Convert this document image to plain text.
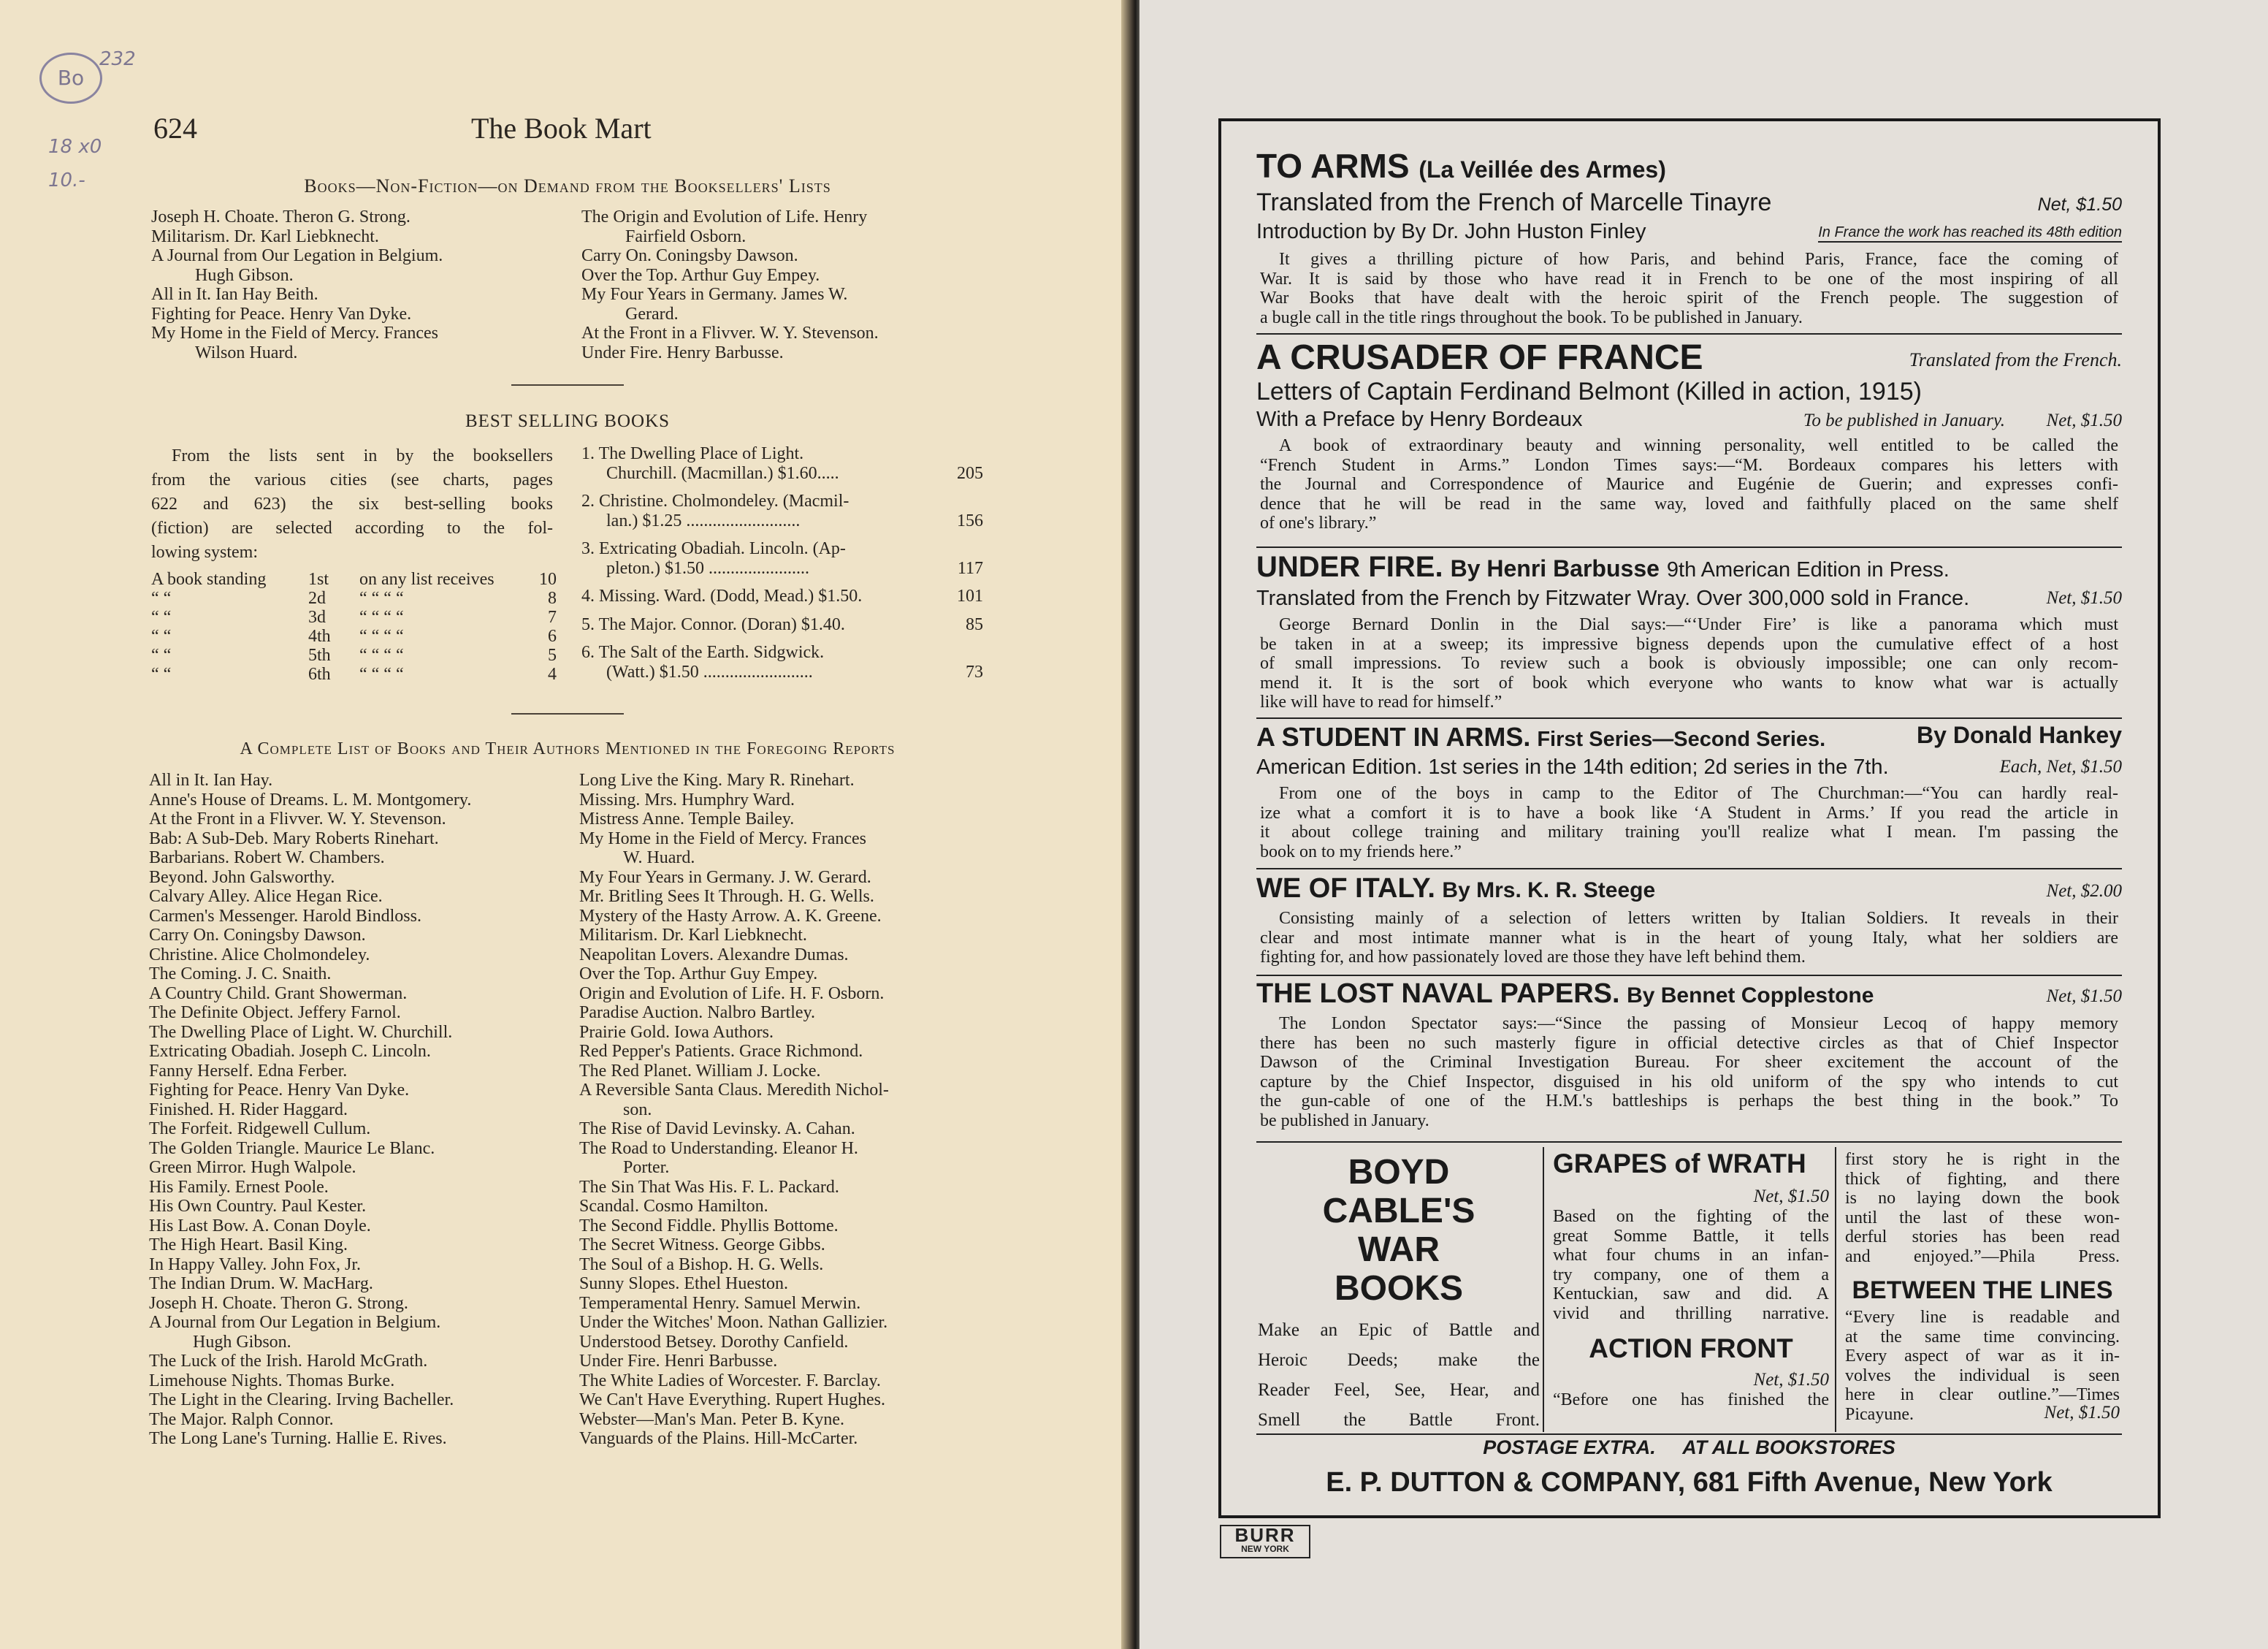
Bo
232
18 x0
10.-
624	The Book Mart
Books—Non-Fiction—on Demand from the Booksellers' Lists
Joseph H. Choate. Theron G. Strong.
Militarism. Dr. Karl Liebknecht.
A Journal from Our Legation in Belgium.
Hugh Gibson.
All in It. Ian Hay Beith.
Fighting for Peace. Henry Van Dyke.
My Home in the Field of Mercy. Frances
Wilson Huard.
The Origin and Evolution of Life. Henry
Fairfield Osborn.
Carry On. Coningsby Dawson.
Over the Top. Arthur Guy Empey.
My Four Years in Germany. James W.
Gerard.
At the Front in a Flivver. W. Y. Stevenson.
Under Fire. Henry Barbusse.
BEST SELLING BOOKS
From the lists sent in by the booksellers
from the various cities (see charts, pages
622 and 623) the six best-selling books
(fiction) are selected according to the fol-
lowing system:
A book standing	1st	on any list receives	10
“ “	2d	“ “ “ “	8
“ “	3d	“ “ “ “	7
“ “	4th	“ “ “ “	6
“ “	5th	“ “ “ “	5
“ “	6th	“ “ “ “	4
1. The Dwelling Place of Light.
Churchill. (Macmillan.) $1.60.....	205
2. Christine. Cholmondeley. (Macmil-
lan.) $1.25 ..........................	156
3. Extricating Obadiah. Lincoln. (Ap-
pleton.) $1.50 .......................	117
4. Missing. Ward. (Dodd, Mead.) $1.50.	101
5. The Major. Connor. (Doran) $1.40.	85
6. The Salt of the Earth. Sidgwick.
(Watt.) $1.50 .........................	73
A Complete List of Books and Their Authors Mentioned in the Foregoing Reports
All in It. Ian Hay.
Anne's House of Dreams. L. M. Montgomery.
At the Front in a Flivver. W. Y. Stevenson.
Bab: A Sub-Deb. Mary Roberts Rinehart.
Barbarians. Robert W. Chambers.
Beyond. John Galsworthy.
Calvary Alley. Alice Hegan Rice.
Carmen's Messenger. Harold Bindloss.
Carry On. Coningsby Dawson.
Christine. Alice Cholmondeley.
The Coming. J. C. Snaith.
A Country Child. Grant Showerman.
The Definite Object. Jeffery Farnol.
The Dwelling Place of Light. W. Churchill.
Extricating Obadiah. Joseph C. Lincoln.
Fanny Herself. Edna Ferber.
Fighting for Peace. Henry Van Dyke.
Finished. H. Rider Haggard.
The Forfeit. Ridgewell Cullum.
The Golden Triangle. Maurice Le Blanc.
Green Mirror. Hugh Walpole.
His Family. Ernest Poole.
His Own Country. Paul Kester.
His Last Bow. A. Conan Doyle.
The High Heart. Basil King.
In Happy Valley. John Fox, Jr.
The Indian Drum. W. MacHarg.
Joseph H. Choate. Theron G. Strong.
A Journal from Our Legation in Belgium.
Hugh Gibson.
The Luck of the Irish. Harold McGrath.
Limehouse Nights. Thomas Burke.
The Light in the Clearing. Irving Bacheller.
The Major. Ralph Connor.
The Long Lane's Turning. Hallie E. Rives.
Long Live the King. Mary R. Rinehart.
Missing. Mrs. Humphry Ward.
Mistress Anne. Temple Bailey.
My Home in the Field of Mercy. Frances
W. Huard.
My Four Years in Germany. J. W. Gerard.
Mr. Britling Sees It Through. H. G. Wells.
Mystery of the Hasty Arrow. A. K. Greene.
Militarism. Dr. Karl Liebknecht.
Neapolitan Lovers. Alexandre Dumas.
Over the Top. Arthur Guy Empey.
Origin and Evolution of Life. H. F. Osborn.
Paradise Auction. Nalbro Bartley.
Prairie Gold. Iowa Authors.
Red Pepper's Patients. Grace Richmond.
The Red Planet. William J. Locke.
A Reversible Santa Claus. Meredith Nichol-
son.
The Rise of David Levinsky. A. Cahan.
The Road to Understanding. Eleanor H.
Porter.
The Sin That Was His. F. L. Packard.
Scandal. Cosmo Hamilton.
The Second Fiddle. Phyllis Bottome.
The Secret Witness. George Gibbs.
The Soul of a Bishop. H. G. Wells.
Sunny Slopes. Ethel Hueston.
Temperamental Henry. Samuel Merwin.
Under the Witches' Moon. Nathan Gallizier.
Understood Betsey. Dorothy Canfield.
Under Fire. Henri Barbusse.
The White Ladies of Worcester. F. Barclay.
We Can't Have Everything. Rupert Hughes.
Webster—Man's Man. Peter B. Kyne.
Vanguards of the Plains. Hill-McCarter.
TO ARMS (La Veillée des Armes)
Translated from the French of Marcelle Tinayre	Net, $1.50
Introduction by By Dr. John Huston Finley	In France the work has reached its 48th edition
It gives a thrilling picture of how Paris, and behind Paris, France, face the coming of
War. It is said by those who have read it in French to be one of the most inspiring of all
War Books that have dealt with the heroic spirit of the French people. The suggestion of
a bugle call in the title rings throughout the book. To be published in January.
A CRUSADER OF FRANCE	Translated from the French.
Letters of Captain Ferdinand Belmont (Killed in action, 1915)
With a Preface by Henry Bordeaux	To be published in January. Net, $1.50
A book of extraordinary beauty and winning personality, well entitled to be called the
“French Student in Arms.” London Times says:—“M. Bordeaux compares his letters with
the Journal and Correspondence of Maurice and Eugénie de Guerin; and expresses confi-
dence that he will be read in the same way, loved and faithfully placed on the same shelf
of one's library.”
UNDER FIRE. By Henri Barbusse 9th American Edition in Press.
Translated from the French by Fitzwater Wray. Over 300,000 sold in France.	Net, $1.50
George Bernard Donlin in the Dial says:—“‘Under Fire’ is like a panorama which must
be taken in at a sweep; its impressive bigness depends upon the cumulative effect of a host
of small impressions. To review such a book is obviously impossible; one can only recom-
mend it. It is the sort of book which everyone who wants to know what war is actually
like will have to read for himself.”
A STUDENT IN ARMS. First Series—Second Series.	By Donald Hankey
American Edition. 1st series in the 14th edition; 2d series in the 7th.	Each, Net, $1.50
From one of the boys in camp to the Editor of The Churchman:—“You can hardly real-
ize what a comfort it is to have a book like ‘A Student in Arms.’ If you read the article in
it about college training and military training you'll realize what I mean. I'm passing the
book on to my friends here.”
WE OF ITALY. By Mrs. K. R. Steege	Net, $2.00
Consisting mainly of a selection of letters written by Italian Soldiers. It reveals in their
clear and most intimate manner what is in the heart of young Italy, what her soldiers are
fighting for, and how passionately loved are those they have left behind them.
THE LOST NAVAL PAPERS. By Bennet Copplestone	Net, $1.50
The London Spectator says:—“Since the passing of Monsieur Lecoq of happy memory
there has been no such masterly figure in official detective circles as that of Chief Inspector
Dawson of the Criminal Investigation Bureau. For sheer excitement the account of the
capture by the Chief Inspector, disguised in his old uniform of the spy who intends to cut
the gun-cable of one of the H.M.'s battleships is perhaps the best thing in the book.” To
be published in January.
BOYD
CABLE'S
WAR
BOOKS
Make an Epic of Battle and
Heroic Deeds; make the
Reader Feel, See, Hear, and
Smell the Battle Front.
GRAPES of WRATH
Net, $1.50
Based on the fighting of the
great Somme Battle, it tells
what four chums in an infan-
try company, one of them a
Kentuckian, saw and did. A
vivid and thrilling narrative.
ACTION FRONT
Net, $1.50
“Before one has finished the
first story he is right in the
thick of fighting, and there
is no laying down the book
until the last of these won-
derful stories has been read
and enjoyed.”—Phila Press.
BETWEEN THE LINES
“Every line is readable and
at the same time convincing.
Every aspect of war as it in-
volves the individual is seen
here in clear outline.”—Times
Picayune.	Net, $1.50
POSTAGE EXTRA.     AT ALL BOOKSTORES
E. P. DUTTON & COMPANY, 681 Fifth Avenue, New York
BURR
NEW YORK
